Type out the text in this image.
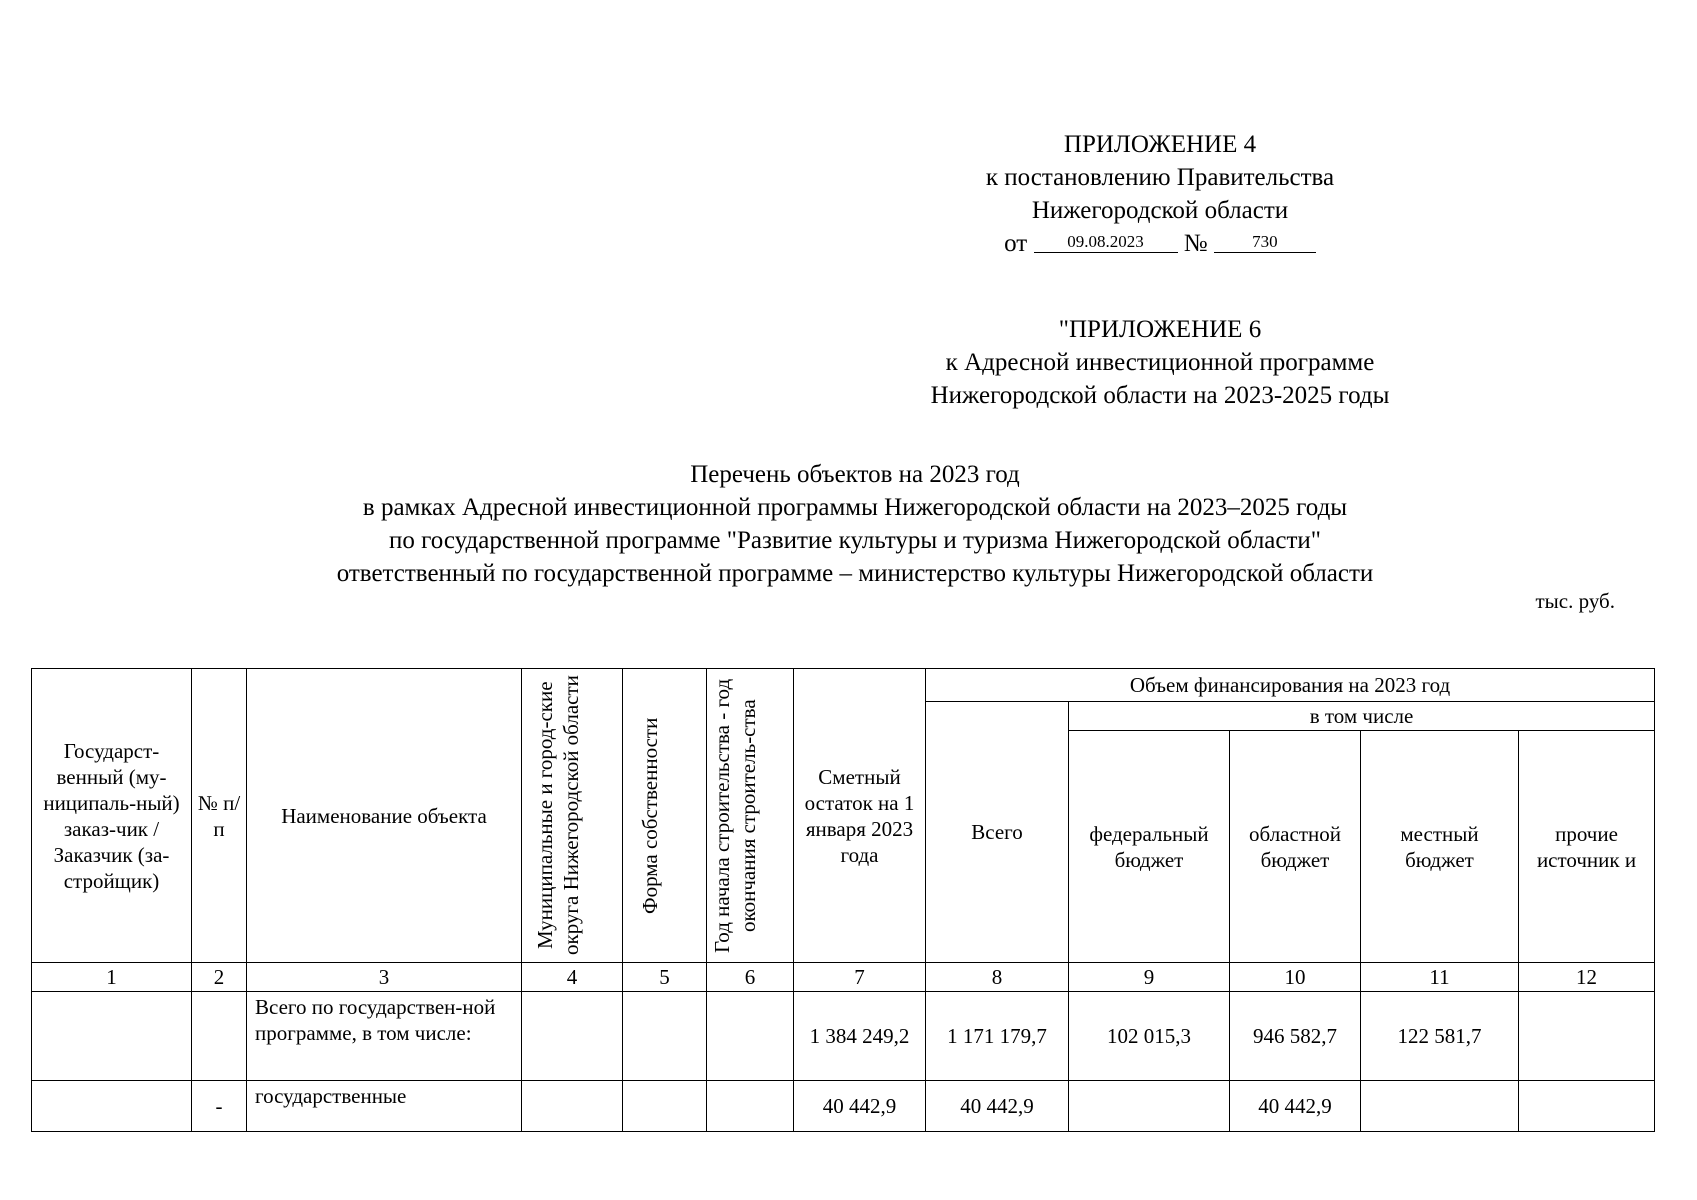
ПРИЛОЖЕНИЕ 4
к постановлению Правительства
Нижегородской области
от 09.08.2023 №	730
"ПРИЛОЖЕНИЕ 6
к Адресной инвестиционной программе
Нижегородской области на 2023-2025 годы
Перечень объектов на 2023 год
в рамках Адресной инвестиционной программы Нижегородской области на 2023–2025 годы
по государственной программе "Развитие культуры и туризма Нижегородской области"
ответственный по государственной программе – министерство культуры Нижегородской области
тыс. руб.
Государст-венный (му-ниципаль-ный) заказ-чик / Заказчик (за-стройщик)	№ п/п	Наименование объекта	Муниципальные и город-ские округа Нижегородской области	Форма собственности	Год начала строительства - год окончания строитель-ства	Сметный остаток на 1 января 2023 года	Объем финансирования на 2023 год				
							Всего	в том числе			
								федеральный бюджет	областной бюджет	местный бюджет	прочие источник и
1	2	3	4	5	6	7	8	9	10	11	12
		Всего по государствен-ной программе, в том числе:				1 384 249,2	1 171 179,7	102 015,3	946 582,7	122 581,7	
	-	государственные				40 442,9	40 442,9		40 442,9		
